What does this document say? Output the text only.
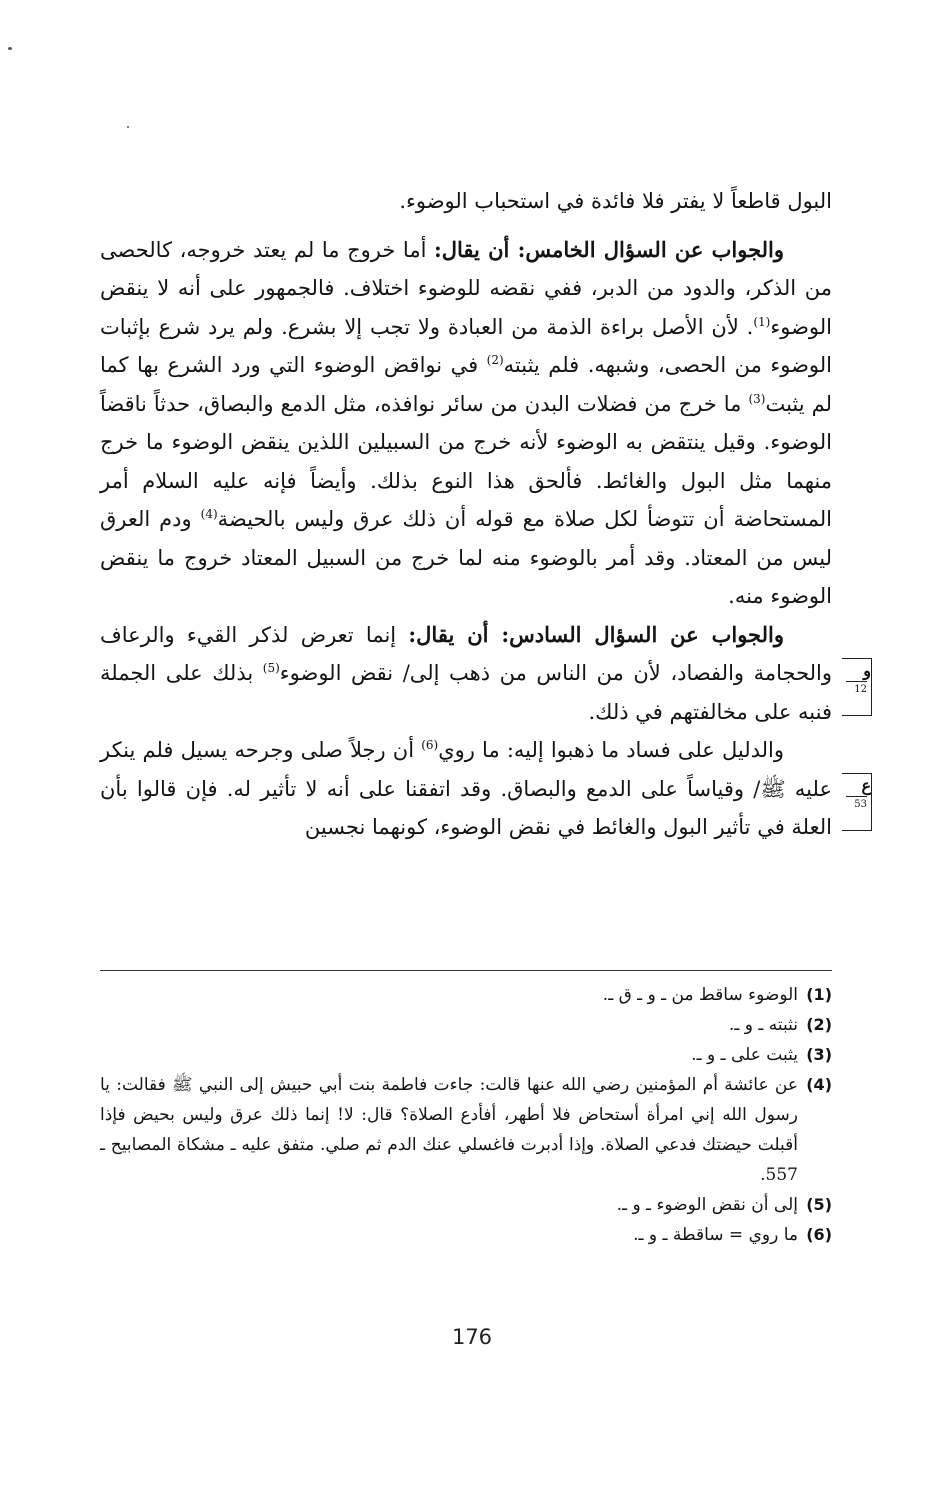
البول قاطعاً لا يفتر فلا فائدة في استحباب الوضوء.

والجواب عن السؤال الخامس: أن يقال: أما خروج ما لم يعتد خروجه، كالحصى من الذكر، والدود من الدبر، ففي نقضه للوضوء اختلاف. فالجمهور على أنه لا ينقض الوضوء$^{(1)}$. لأن الأصل براءة الذمة من العبادة ولا تجب إلا بشرع. ولم يرد شرع بإثبات الوضوء من الحصى، وشبهه. فلم يثبته$^{(2)}$ في نواقض الوضوء التي ورد الشرع بها كما لم يثبت$^{(3)}$ ما خرج من فضلات البدن من سائر نوافذه، مثل الدمع والبصاق، حدثاً ناقضاً الوضوء. وقيل ينتقض به الوضوء لأنه خرج من السبيلين اللذين ينقض الوضوء ما خرج منهما مثل البول والغائط. فألحق هذا النوع بذلك. وأيضاً فإنه عليه السلام أمر المستحاضة أن تتوضأ لكل صلاة مع قوله أن ذلك عرق وليس بالحيضة$^{(4)}$ ودم العرق ليس من المعتاد. وقد أمر بالوضوء منه لما خرج من السبيل المعتاد خروج ما ينقض الوضوء منه.

و
12

والجواب عن السؤال السادس: أن يقال: إنما تعرض لذكر القيء والرعاف والحجامة والفصاد، لأن من الناس من ذهب إلى/ نقض الوضوء$^{(5)}$ بذلك على الجملة فنبه على مخالفتهم في ذلك.

ع
53

والدليل على فساد ما ذهبوا إليه: ما روي$^{(6)}$ أن رجلاً صلى وجرحه يسيل فلم ينكر عليه ﷺ/ وقياساً على الدمع والبصاق. وقد اتفقنا على أنه لا تأثير له. فإن قالوا بأن العلة في تأثير البول والغائط في نقض الوضوء، كونهما نجسين

(1)
الوضوء ساقط من ـ و ـ ق ـ.
(2)
نثبته ـ و ـ.
(3)
يثبت على ـ و ـ.
(4)
عن عائشة أم المؤمنين رضي الله عنها قالت: جاءت فاطمة بنت أبي حبيش إلى النبي ﷺ فقالت: يا رسول الله إني امرأة أستحاض فلا أطهر، أفأدع الصلاة؟ قال: لا! إنما ذلك عرق وليس بحيض فإذا أقبلت حيضتك فدعي الصلاة. وإذا أدبرت فاغسلي عنك الدم ثم صلي. متفق عليه ـ مشكاة المصابيح ـ 557.
(5)
إلى أن نقض الوضوء ـ و ـ.
(6)
ما روي = ساقطة ـ و ـ.
176
